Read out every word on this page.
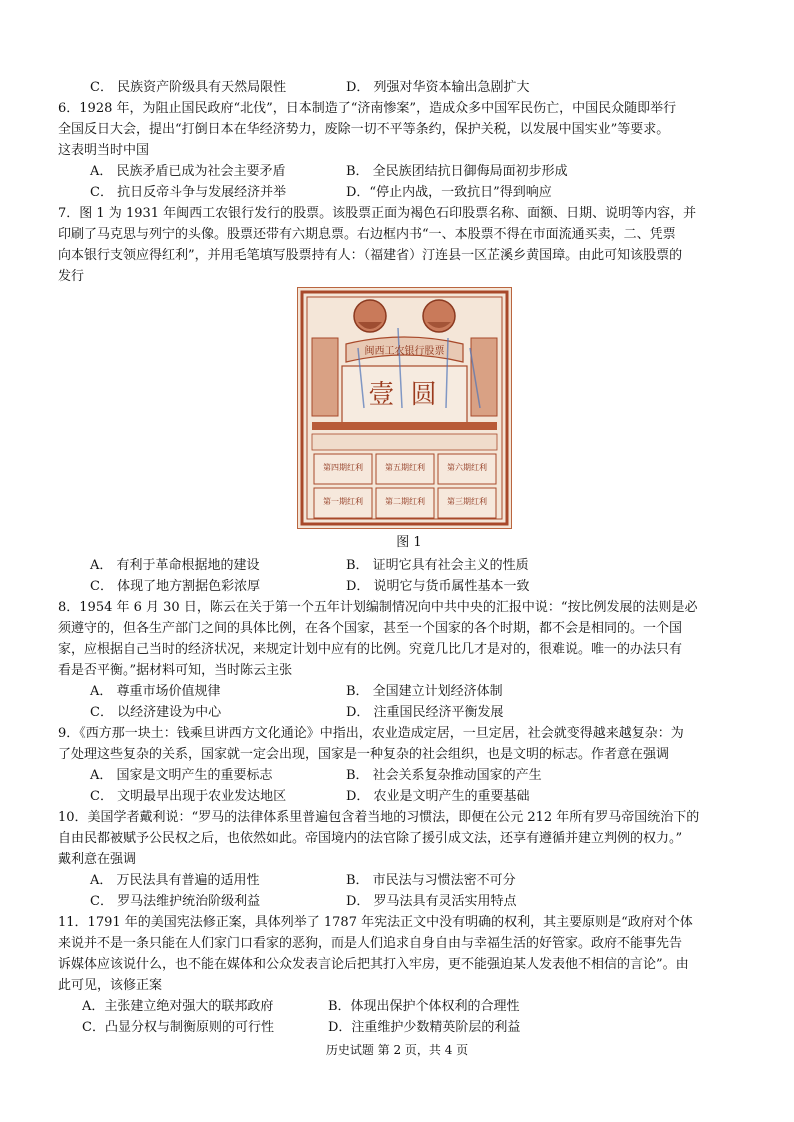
C． 民族资产阶级具有天然局限性	D． 列强对华资本输出急剧扩大
6．1928 年，为阻止国民政府“北伐”，日本制造了“济南惨案”，造成众多中国军民伤亡，中国民众随即举行
全国反日大会，提出“打倒日本在华经济势力，废除一切不平等条约，保护关税，以发展中国实业”等要求。
这表明当时中国
A． 民族矛盾已成为社会主要矛盾	B． 全民族团结抗日御侮局面初步形成
C． 抗日反帝斗争与发展经济并举	D．“停止内战，一致抗日”得到响应
7．图 1 为 1931 年闽西工农银行发行的股票。该股票正面为褐色石印股票名称、面额、日期、说明等内容，并
印刷了马克思与列宁的头像。股票还带有六期息票。右边框内书“一、本股票不得在市面流通买卖，二、凭票
向本银行支领应得红利”，并用毛笔填写股票持有人：（福建省）汀连县一区芷溪乡黄国璋。由此可知该股票的
发行
闽西工农银行股票
壹 圆
第四期红利	第五期红利	第六期红利
第一期红利	第二期红利	第三期红利
图 1
A． 有利于革命根据地的建设	B． 证明它具有社会主义的性质
C． 体现了地方割据色彩浓厚	D． 说明它与货币属性基本一致
8．1954 年 6 月 30 日，陈云在关于第一个五年计划编制情况向中共中央的汇报中说：“按比例发展的法则是必
须遵守的，但各生产部门之间的具体比例，在各个国家，甚至一个国家的各个时期，都不会是相同的。一个国
家，应根据自己当时的经济状况，来规定计划中应有的比例。究竟几比几才是对的，很难说。唯一的办法只有
看是否平衡。”据材料可知，当时陈云主张
A． 尊重市场价值规律	B． 全国建立计划经济体制
C． 以经济建设为中心	D． 注重国民经济平衡发展
9．《西方那一块土：钱乘旦讲西方文化通论》中指出，农业造成定居，一旦定居，社会就变得越来越复杂：为
了处理这些复杂的关系，国家就一定会出现，国家是一种复杂的社会组织，也是文明的标志。作者意在强调
A． 国家是文明产生的重要标志	B． 社会关系复杂推动国家的产生
C． 文明最早出现于农业发达地区	D． 农业是文明产生的重要基础
10．美国学者戴利说：“罗马的法律体系里普遍包含着当地的习惯法，即便在公元 212 年所有罗马帝国统治下的
自由民都被赋予公民权之后，也依然如此。帝国境内的法官除了援引成文法，还享有遵循并建立判例的权力。”
戴利意在强调
A． 万民法具有普遍的适用性	B． 市民法与习惯法密不可分
C． 罗马法维护统治阶级利益	D． 罗马法具有灵活实用特点
11．1791 年的美国宪法修正案，具体列举了 1787 年宪法正文中没有明确的权利，其主要原则是“政府对个体
来说并不是一条只能在人们家门口看家的恶狗，而是人们追求自身自由与幸福生活的好管家。政府不能事先告
诉媒体应该说什么，也不能在媒体和公众发表言论后把其打入牢房，更不能强迫某人发表他不相信的言论”。由
此可见，该修正案
A．主张建立绝对强大的联邦政府	B．体现出保护个体权利的合理性
C．凸显分权与制衡原则的可行性	D．注重维护少数精英阶层的利益
历史试题 第 2 页，共 4 页
